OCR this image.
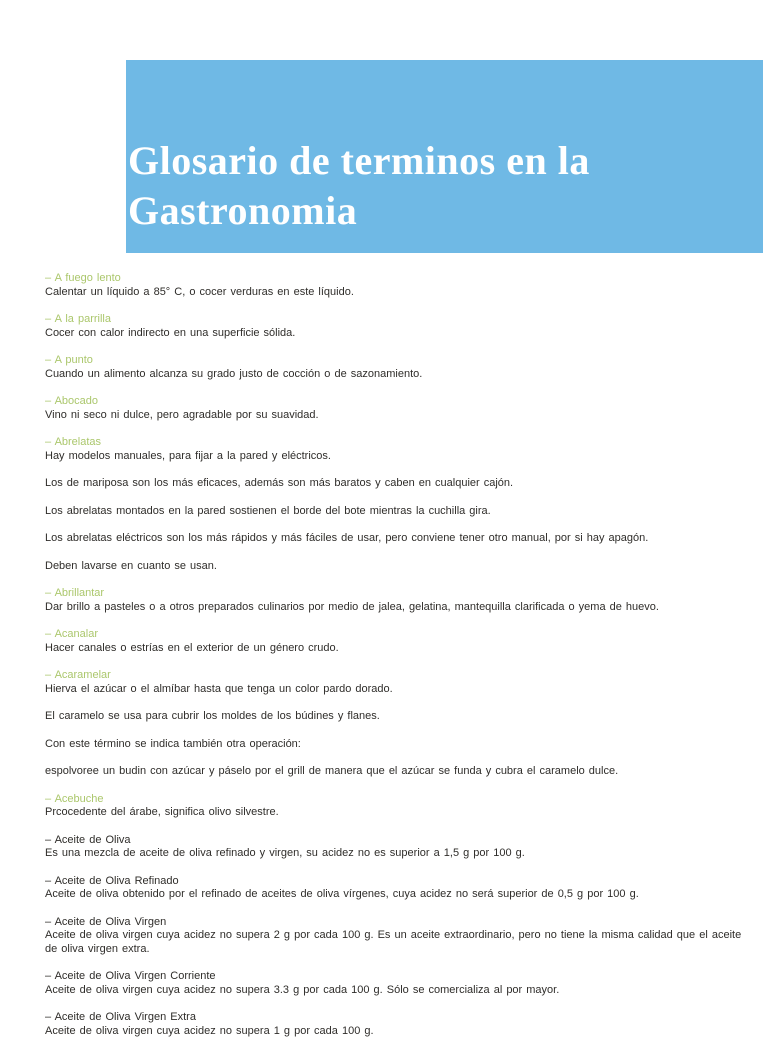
Glosario de terminos en la Gastronomia
– A fuego lento

Calentar un líquido a 85° C, o cocer verduras en este líquido.

– A la parrilla

Cocer con calor indirecto en una superficie sólida.

– A punto

Cuando un alimento alcanza su grado justo de cocción o de sazonamiento.

– Abocado

Vino ni seco ni dulce, pero agradable por su suavidad.

– Abrelatas

Hay modelos manuales, para fijar a la pared y eléctricos.

Los de mariposa son los más eficaces, además son más baratos y caben en cualquier cajón.

Los abrelatas montados en la pared sostienen el borde del bote mientras la cuchilla gira.

Los abrelatas eléctricos son los más rápidos y más fáciles de usar, pero conviene tener otro manual, por si hay apagón.

Deben lavarse en cuanto se usan.

– Abrillantar

Dar brillo a pasteles o a otros preparados culinarios por medio de jalea, gelatina, mantequilla clarificada o yema de huevo.

– Acanalar

Hacer canales o estrías en el exterior de un género crudo.

– Acaramelar

Hierva el azúcar o el almíbar hasta que tenga un color pardo dorado.

El caramelo se usa para cubrir los moldes de los búdines y flanes.

Con este término se indica también otra operación:

espolvoree un budin con azúcar y páselo por el grill de manera que el azúcar se funda y cubra el caramelo dulce.

– Acebuche

Prcocedente del árabe, significa olivo silvestre.

– Aceite de Oliva

Es una mezcla de aceite de oliva refinado y virgen, su acidez no es superior a 1,5 g por 100 g.

– Aceite de Oliva Refinado

Aceite de oliva obtenido por el refinado de aceites de oliva vírgenes, cuya acidez no será superior de 0,5 g por 100 g.

– Aceite de Oliva Virgen

Aceite de oliva virgen cuya acidez no supera 2 g por cada 100 g. Es un aceite extraordinario, pero no tiene la misma calidad que el aceite de oliva virgen extra.

– Aceite de Oliva Virgen Corriente

Aceite de oliva virgen cuya acidez no supera 3.3 g por cada 100 g. Sólo se comercializa al por mayor.

– Aceite de Oliva Virgen Extra

Aceite de oliva virgen cuya acidez no supera 1 g por cada 100 g.
